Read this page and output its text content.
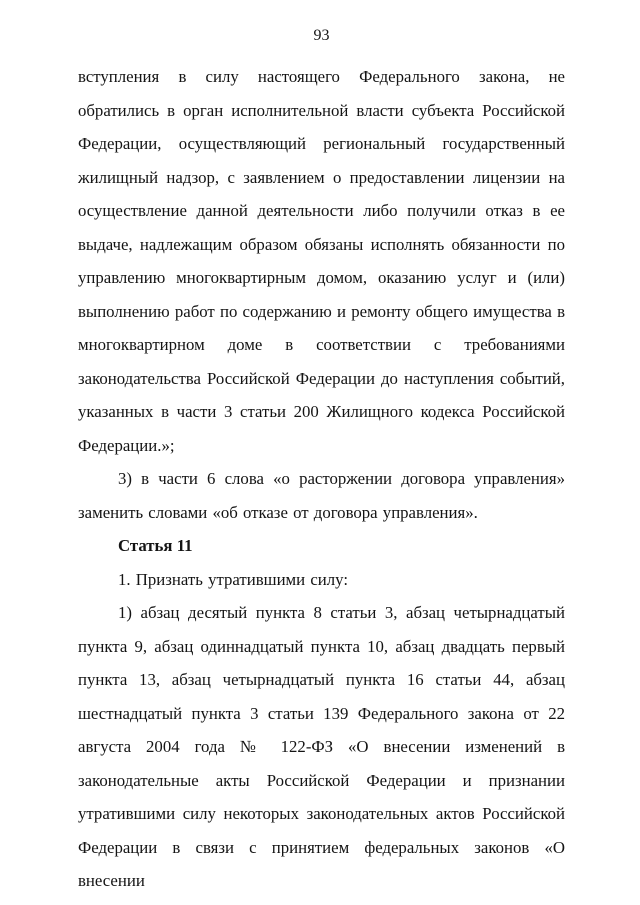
93

вступления в силу настоящего Федерального закона, не обратились в орган исполнительной власти субъекта Российской Федерации, осуществляющий региональный государственный жилищный надзор, с заявлением о предоставлении лицензии на осуществление данной деятельности либо получили отказ в ее выдаче, надлежащим образом обязаны исполнять обязанности по управлению многоквартирным домом, оказанию услуг и (или) выполнению работ по содержанию и ремонту общего имущества в многоквартирном доме в соответствии с требованиями законодательства Российской Федерации до наступления событий, указанных в части 3 статьи 200 Жилищного кодекса Российской Федерации.»;

3) в части 6 слова «о расторжении договора управления» заменить словами «об отказе от договора управления».

Статья 11

1. Признать утратившими силу:

1) абзац десятый пункта 8 статьи 3, абзац четырнадцатый пункта 9, абзац одиннадцатый пункта 10, абзац двадцать первый пункта 13, абзац четырнадцатый пункта 16 статьи 44, абзац шестнадцатый пункта 3 статьи 139 Федерального закона от 22 августа 2004 года № 122-ФЗ «О внесении изменений в законодательные акты Российской Федерации и признании утратившими силу некоторых законодательных актов Российской Федерации в связи с принятием федеральных законов «О внесении
